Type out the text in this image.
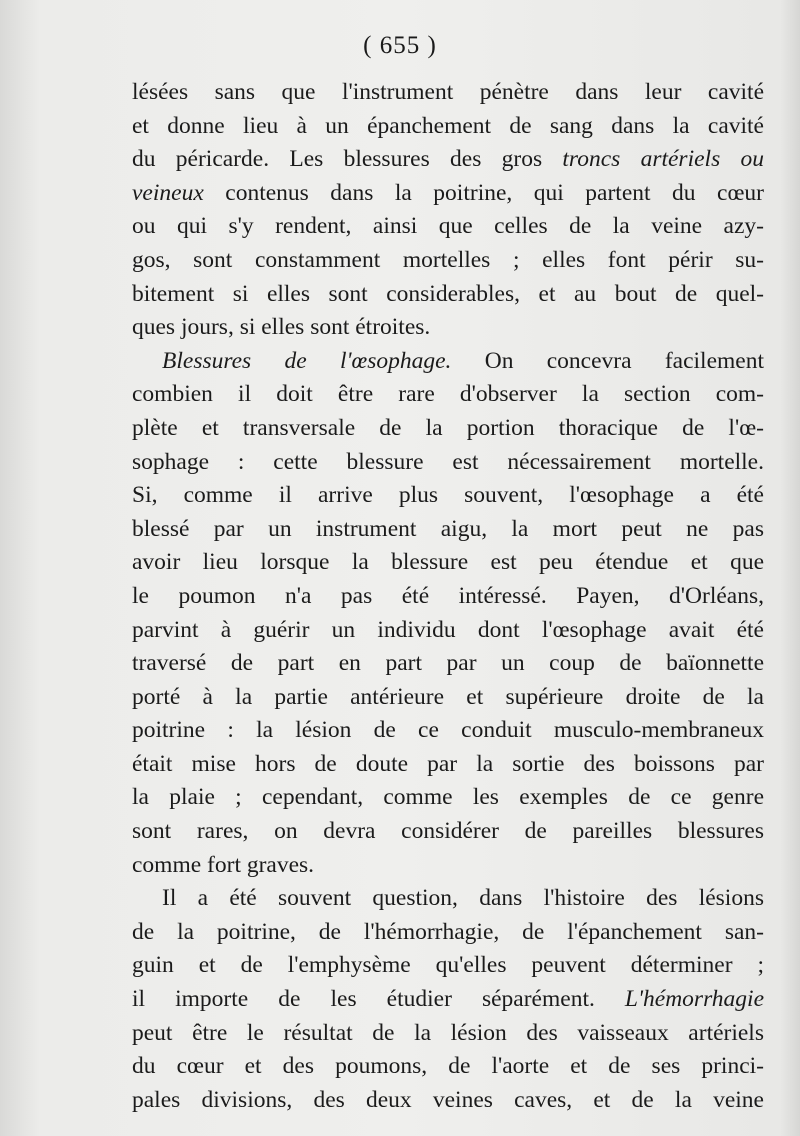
( 655 )
lésées sans que l'instrument pénètre dans leur cavité
et donne lieu à un épanchement de sang dans la cavité
du péricarde. Les blessures des gros troncs artériels ou
veineux contenus dans la poitrine, qui partent du cœur
ou qui s'y rendent, ainsi que celles de la veine azy-
gos, sont constamment mortelles ; elles font périr su-
bitement si elles sont considerables, et au bout de quel-
ques jours, si elles sont étroites.
Blessures de l'œsophage. On concevra facilement
combien il doit être rare d'observer la section com-
plète et transversale de la portion thoracique de l'œ-
sophage : cette blessure est nécessairement mortelle.
Si, comme il arrive plus souvent, l'œsophage a été
blessé par un instrument aigu, la mort peut ne pas
avoir lieu lorsque la blessure est peu étendue et que
le poumon n'a pas été intéressé. Payen, d'Orléans,
parvint à guérir un individu dont l'œsophage avait été
traversé de part en part par un coup de baïonnette
porté à la partie antérieure et supérieure droite de la
poitrine : la lésion de ce conduit musculo-membraneux
était mise hors de doute par la sortie des boissons par
la plaie ; cependant, comme les exemples de ce genre
sont rares, on devra considérer de pareilles blessures
comme fort graves.
Il a été souvent question, dans l'histoire des lésions
de la poitrine, de l'hémorrhagie, de l'épanchement san-
guin et de l'emphysème qu'elles peuvent déterminer ;
il importe de les étudier séparément. L'hémorrhagie
peut être le résultat de la lésion des vaisseaux artériels
du cœur et des poumons, de l'aorte et de ses princi-
pales divisions, des deux veines caves, et de la veine
